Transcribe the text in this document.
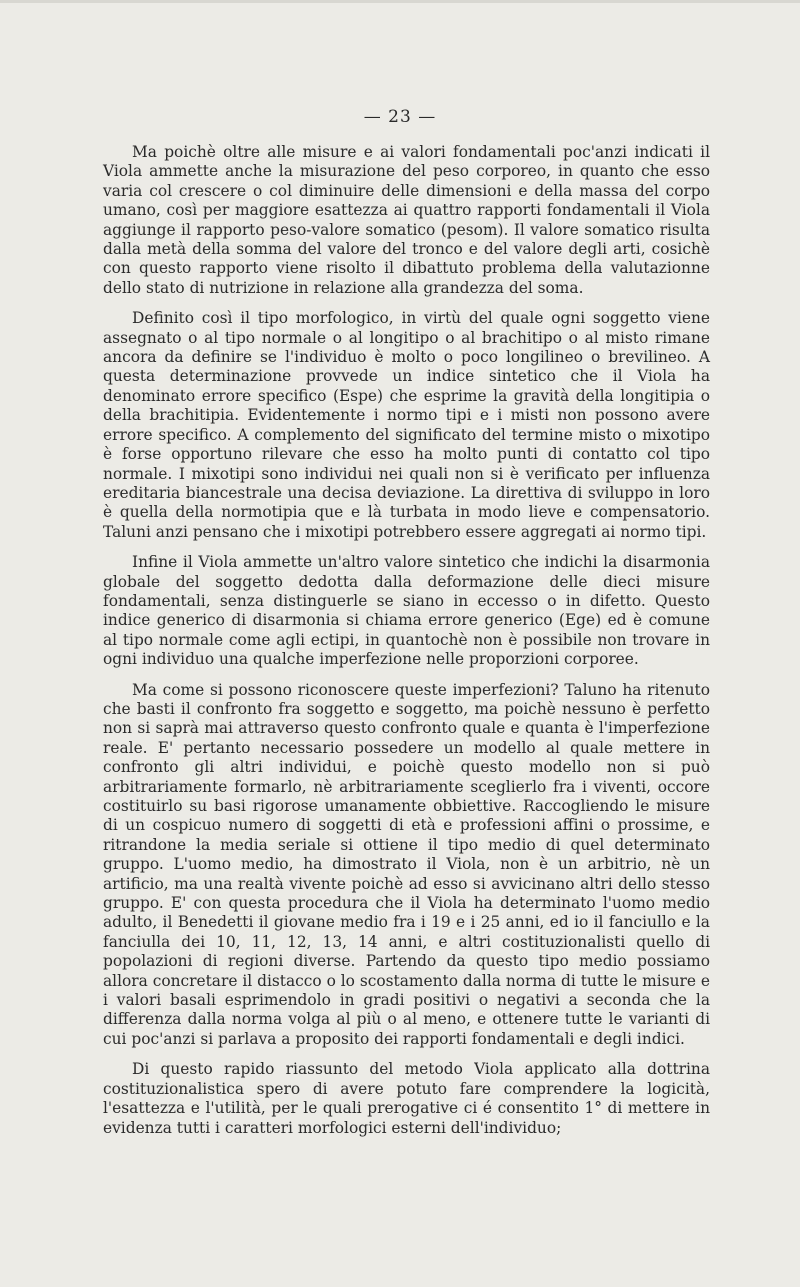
— 23 —

Ma poichè oltre alle misure e ai valori fondamentali poc'anzi indicati il Viola ammette anche la misurazione del peso corporeo, in quanto che esso varia col crescere o col diminuire delle dimensioni e della massa del corpo umano, così per maggiore esattezza ai quattro rapporti fondamentali il Viola aggiunge il rapporto peso-valore somatico (pesom). Il valore somatico risulta dalla metà della somma del valore del tronco e del valore degli arti, cosichè con questo rapporto viene risolto il dibattuto problema della valutazionne dello stato di nutrizione in relazione alla grandezza del soma.

Definito così il tipo morfologico, in virtù del quale ogni soggetto viene assegnato o al tipo normale o al longitipo o al brachitipo o al misto rimane ancora da definire se l'individuo è molto o poco longilineo o brevilineo. A questa determinazione provvede un indice sintetico che il Viola ha denominato errore specifico (Espe) che esprime la gravità della longitipia o della brachitipia. Evidentemente i normo tipi e i misti non possono avere errore specifico. A complemento del significato del termine misto o mixotipo è forse opportuno rilevare che esso ha molto punti di contatto col tipo normale. I mixotipi sono individui nei quali non si è verificato per influenza ereditaria biancestrale una decisa deviazione. La direttiva di sviluppo in loro è quella della normotipia que e là turbata in modo lieve e compensatorio. Taluni anzi pensano che i mixotipi potrebbero essere aggregati ai normo tipi.

Infine il Viola ammette un'altro valore sintetico che indichi la disarmonia globale del soggetto dedotta dalla deformazione delle dieci misure fondamentali, senza distinguerle se siano in eccesso o in difetto. Questo indice generico di disarmonia si chiama errore generico (Ege) ed è comune al tipo normale come agli ectipi, in quantochè non è possibile non trovare in ogni individuo una qualche imperfezione nelle proporzioni corporee.

Ma come si possono riconoscere queste imperfezioni? Taluno ha ritenuto che basti il confronto fra soggetto e soggetto, ma poichè nessuno è perfetto non si saprà mai attraverso questo confronto quale e quanta è l'imperfezione reale. E' pertanto necessario possedere un modello al quale mettere in confronto gli altri individui, e poichè questo modello non si può arbitrariamente formarlo, nè arbitrariamente sceglierlo fra i viventi, occore costituirlo su basi rigorose umanamente obbiettive. Raccogliendo le misure di un cospicuo numero di soggetti di età e professioni affini o prossime, e ritrandone la media seriale si ottiene il tipo medio di quel determinato gruppo. L'uomo medio, ha dimostrato il Viola, non è un arbitrio, nè un artificio, ma una realtà vivente poichè ad esso si avvicinano altri dello stesso gruppo. E' con questa procedura che il Viola ha determinato l'uomo medio adulto, il Benedetti il giovane medio fra i 19 e i 25 anni, ed io il fanciullo e la fanciulla dei 10, 11, 12, 13, 14 anni, e altri costituzionalisti quello di popolazioni di regioni diverse. Partendo da questo tipo medio possiamo allora concretare il distacco o lo scostamento dalla norma di tutte le misure e i valori basali esprimendolo in gradi positivi o negativi a seconda che la differenza dalla norma volga al più o al meno, e ottenere tutte le varianti di cui poc'anzi si parlava a proposito dei rapporti fondamentali e degli indici.

Di questo rapido riassunto del metodo Viola applicato alla dottrina costituzionalistica spero di avere potuto fare comprendere la logicità, l'esattezza e l'utilità, per le quali prerogative ci é consentito 1° di mettere in evidenza tutti i caratteri morfologici esterni dell'individuo;
